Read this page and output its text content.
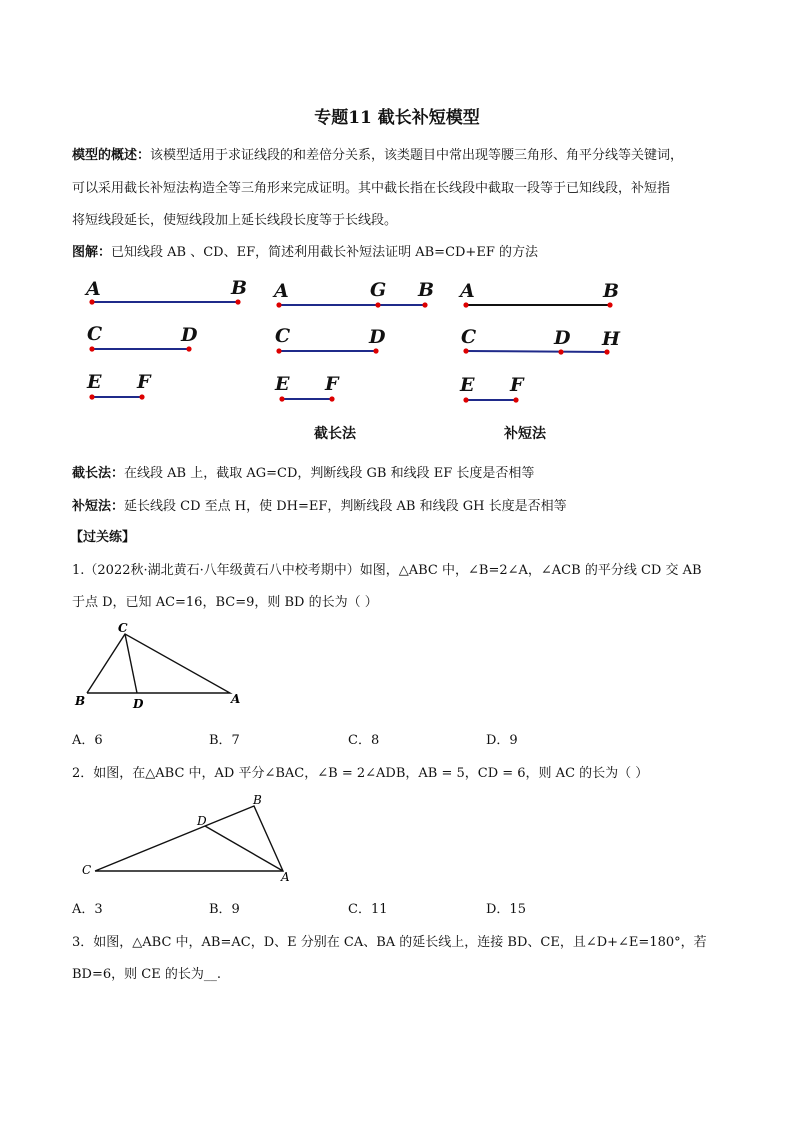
专题11 截长补短模型
模型的概述：该模型适用于求证线段的和差倍分关系，该类题目中常出现等腰三角形、角平分线等关键词，
可以采用截长补短法构造全等三角形来完成证明。其中截长指在长线段中截取一段等于已知线段，补短指
将短线段延长，使短线段加上延长线段长度等于长线段。
图解：已知线段 AB 、CD、EF，简述利用截长补短法证明 AB=CD+EF 的方法
A	B
C	D
E F
A	G B
C	D
E F
A	B
C	D H
E F
截长法	补短法
截长法：在线段 AB 上，截取 AG=CD，判断线段 GB 和线段 EF 长度是否相等
补短法：延长线段 CD 至点 H，使 DH=EF，判断线段 AB 和线段 GH 长度是否相等
【过关练】
1.（2022秋·湖北黄石·八年级黄石八中校考期中）如图，△ABC 中，∠B=2∠A，∠ACB 的平分线 CD 交 AB
于点 D，已知 AC=16，BC=9，则 BD 的长为（ ）
C
B	D	A
A．6	B．7	C．8	D．9
2．如图，在△ABC 中，AD 平分∠BAC，∠B = 2∠ADB，AB = 5，CD = 6，则 AC 的长为（ ）
B
D
C	A
A．3	B．9	C．11	D．15
3．如图，△ABC 中，AB=AC，D、E 分别在 CA、BA 的延长线上，连接 BD、CE，且∠D+∠E=180°，若
BD=6，则 CE 的长为__.
